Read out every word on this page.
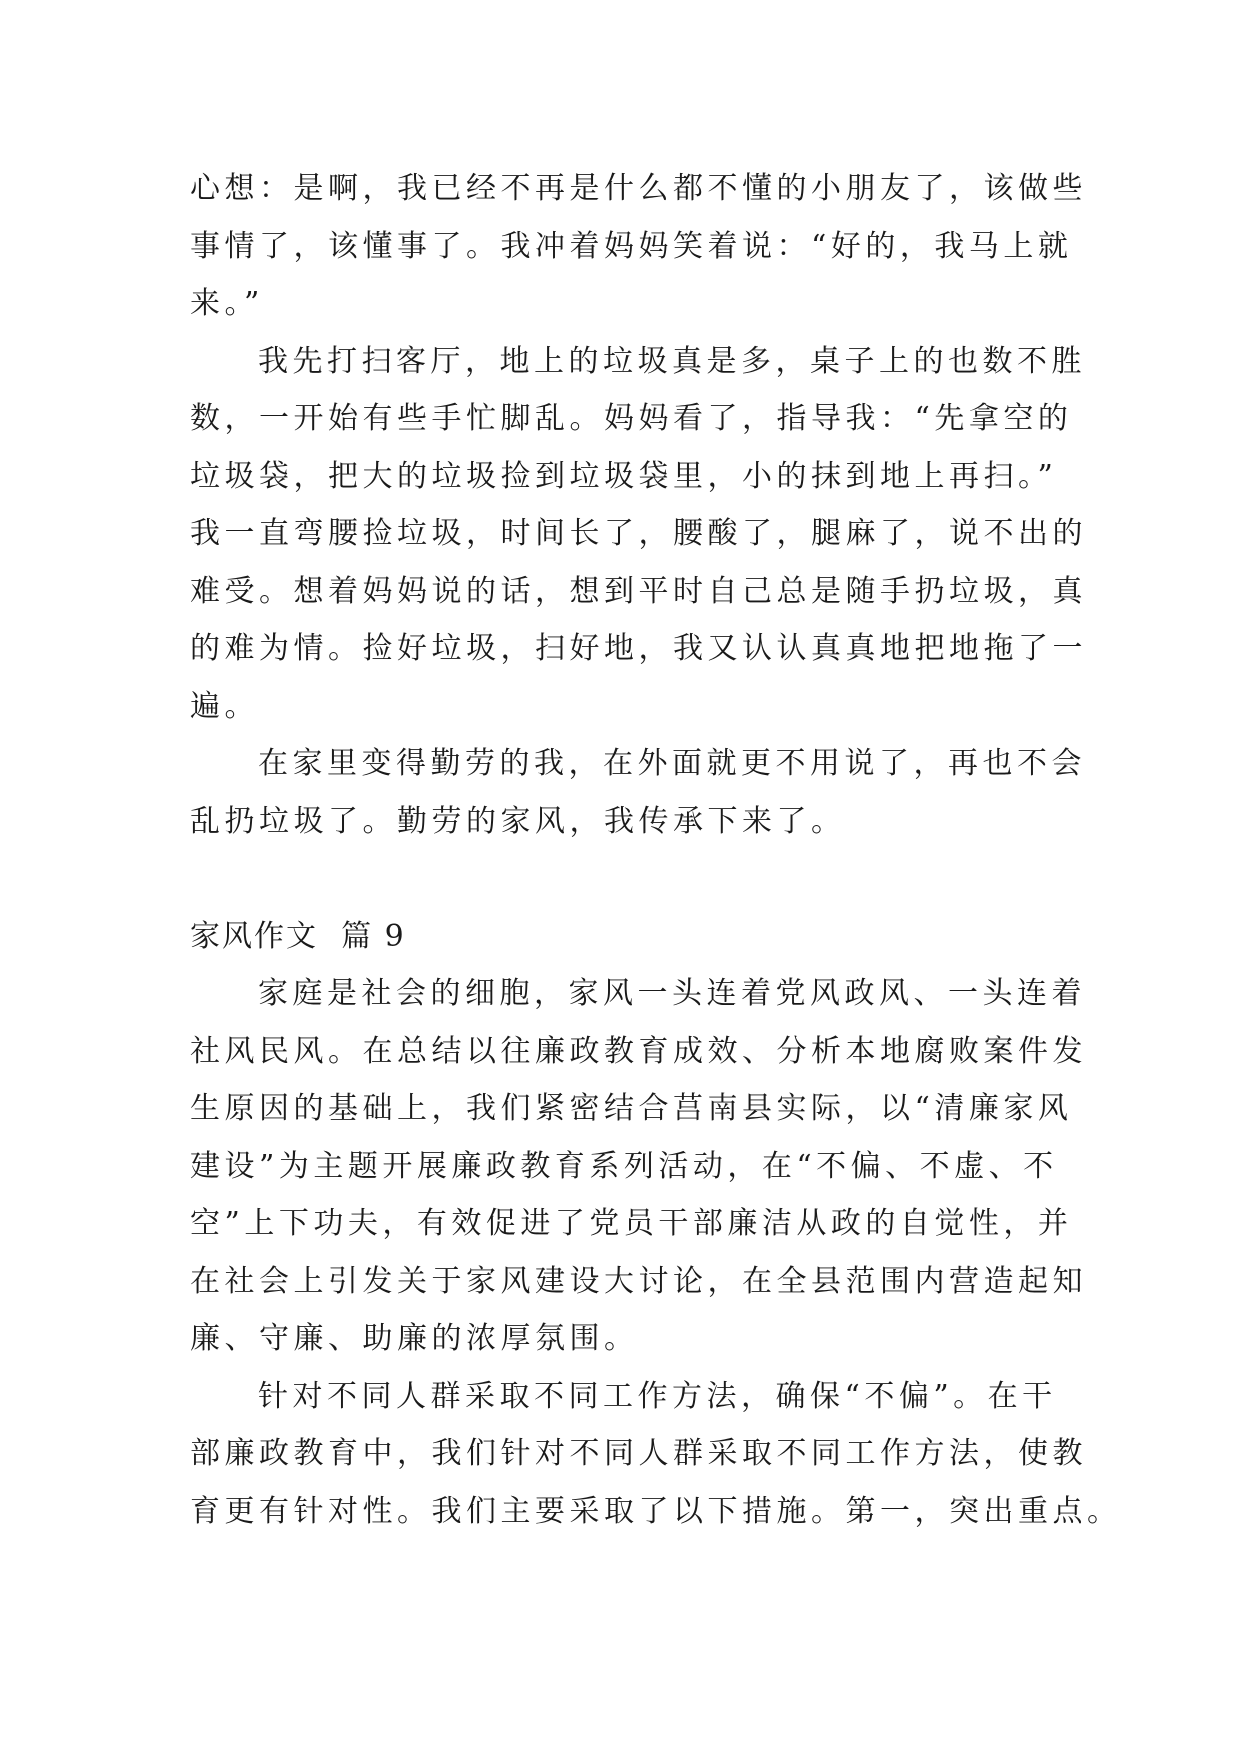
心想：是啊，我已经不再是什么都不懂的小朋友了，该做些
事情了，该懂事了。我冲着妈妈笑着说：“好的，我马上就
来。”

我先打扫客厅，地上的垃圾真是多，桌子上的也数不胜
数，一开始有些手忙脚乱。妈妈看了，指导我：“先拿空的
垃圾袋，把大的垃圾捡到垃圾袋里，小的抹到地上再扫。”
我一直弯腰捡垃圾，时间长了，腰酸了，腿麻了，说不出的
难受。想着妈妈说的话，想到平时自己总是随手扔垃圾，真
的难为情。捡好垃圾，扫好地，我又认认真真地把地拖了一
遍。

在家里变得勤劳的我，在外面就更不用说了，再也不会
乱扔垃圾了。勤劳的家风，我传承下来了。

家风作文  篇 9

家庭是社会的细胞，家风一头连着党风政风、一头连着
社风民风。在总结以往廉政教育成效、分析本地腐败案件发
生原因的基础上，我们紧密结合莒南县实际，以“清廉家风
建设”为主题开展廉政教育系列活动，在“不偏、不虚、不
空”上下功夫，有效促进了党员干部廉洁从政的自觉性，并
在社会上引发关于家风建设大讨论，在全县范围内营造起知
廉、守廉、助廉的浓厚氛围。

针对不同人群采取不同工作方法，确保“不偏”。在干
部廉政教育中，我们针对不同人群采取不同工作方法，使教
育更有针对性。我们主要采取了以下措施。第一，突出重点。
